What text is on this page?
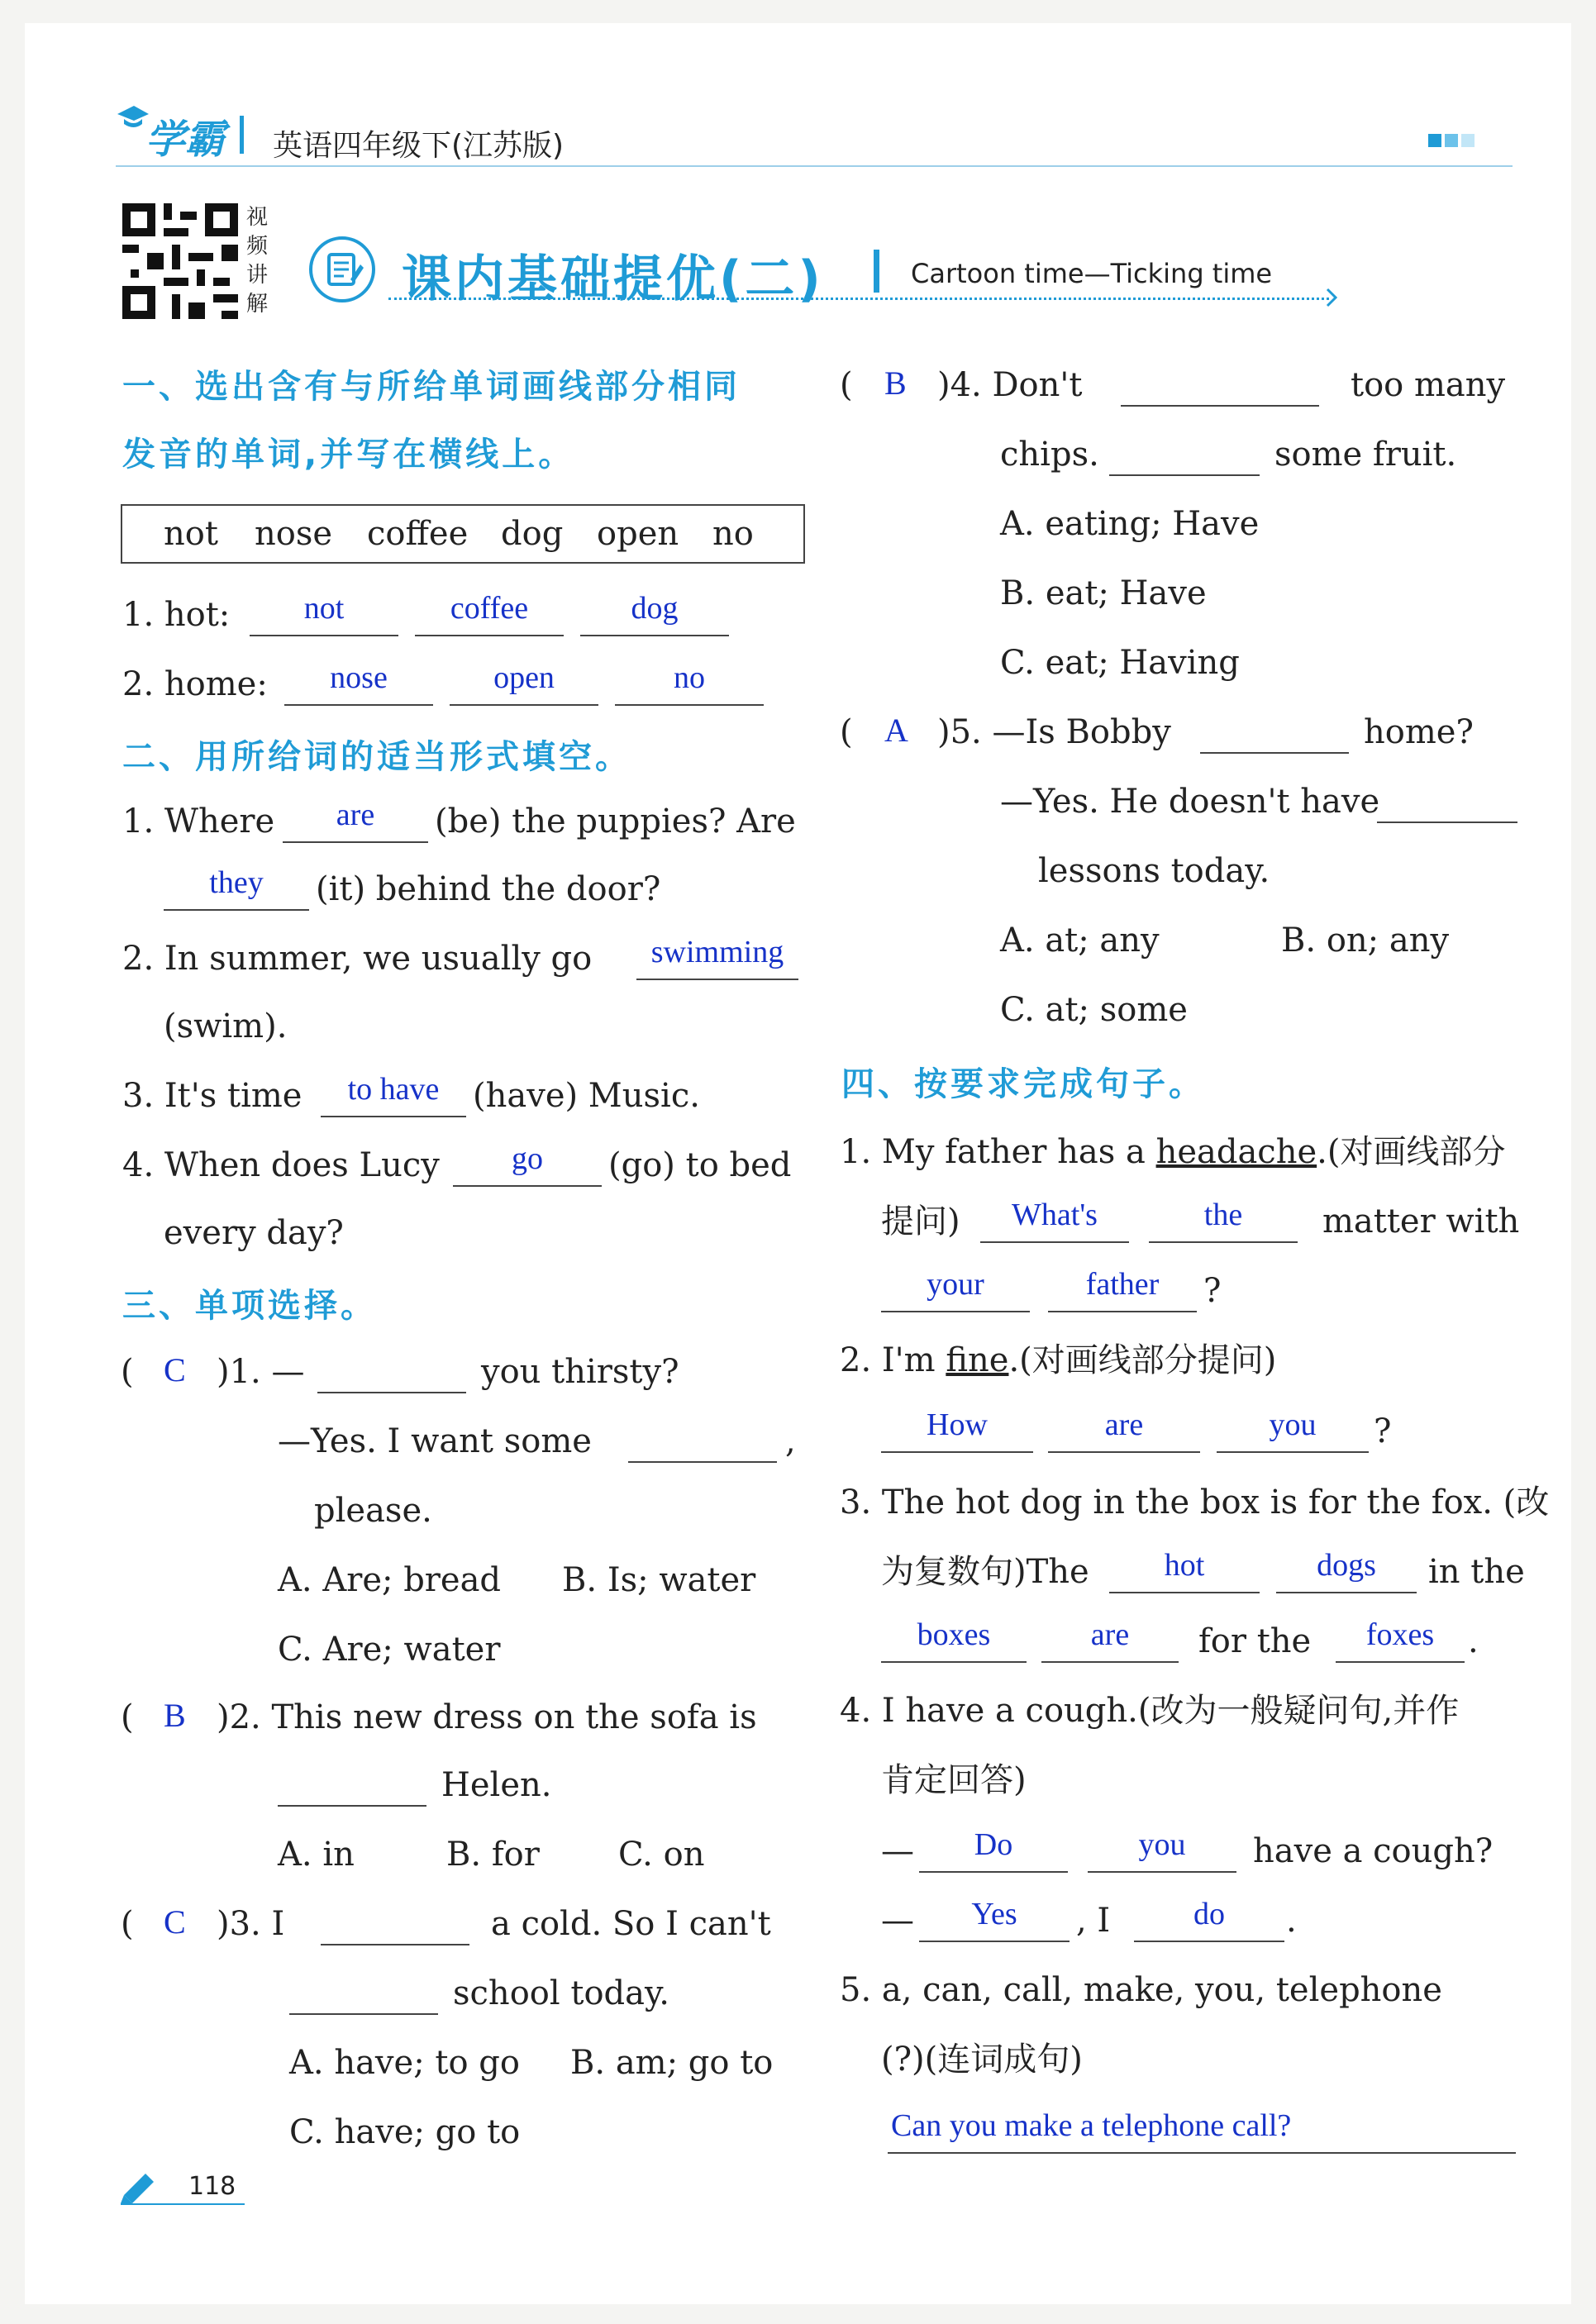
学霸 英语四年级下(江苏版)
视
频
讲
解	课内基础提优(二)	Cartoon time—Ticking time
一、选出含有与所给单词画线部分相同
发音的单词,并写在横线上。
not nose coffee dog open no
1. hot:	not	coffee	dog
2. home:	nose	open	no
二、用所给词的适当形式填空。
1. Where	are	(be) the puppies? Are
they	(it) behind the door?
2. In summer, we usually go	swimming
(swim).
3. It's time	to have	(have) Music.
4. When does Lucy	go	(go) to bed
every day?
三、单项选择。
( C )1. —	you thirsty?
—Yes. I want some	,
please.
A. Are; bread B. Is; water
C. Are; water
( B )2. This new dress on the sofa is
Helen.
A. in	B. for C. on
( C )3. I	a cold. So I can't
school today.
A. have; to go B. am; go to
C. have; go to
118
( B )4. Don't	too many
chips.	some fruit.
A. eating; Have
B. eat; Have
C. eat; Having
( A )5. —Is Bobby	home?
—Yes. He doesn't have
lessons today.
A. at; any	B. on; any
C. at; some
四、按要求完成句子。
1. My father has a headache.(对画线部分
提问)	What's	the	matter with
your	father	?
2. I'm fine.(对画线部分提问)
How	are	you	?
3. The hot dog in the box is for the fox. (改
为复数句)The	hot	dogs	in the
boxes	are	for the	foxes	.
4. I have a cough.(改为一般疑问句,并作
肯定回答)
—	Do	you	have a cough?
—	Yes	, I	do	.
5. a, can, call, make, you, telephone
(?)(连词成句)
Can you make a telephone call?
